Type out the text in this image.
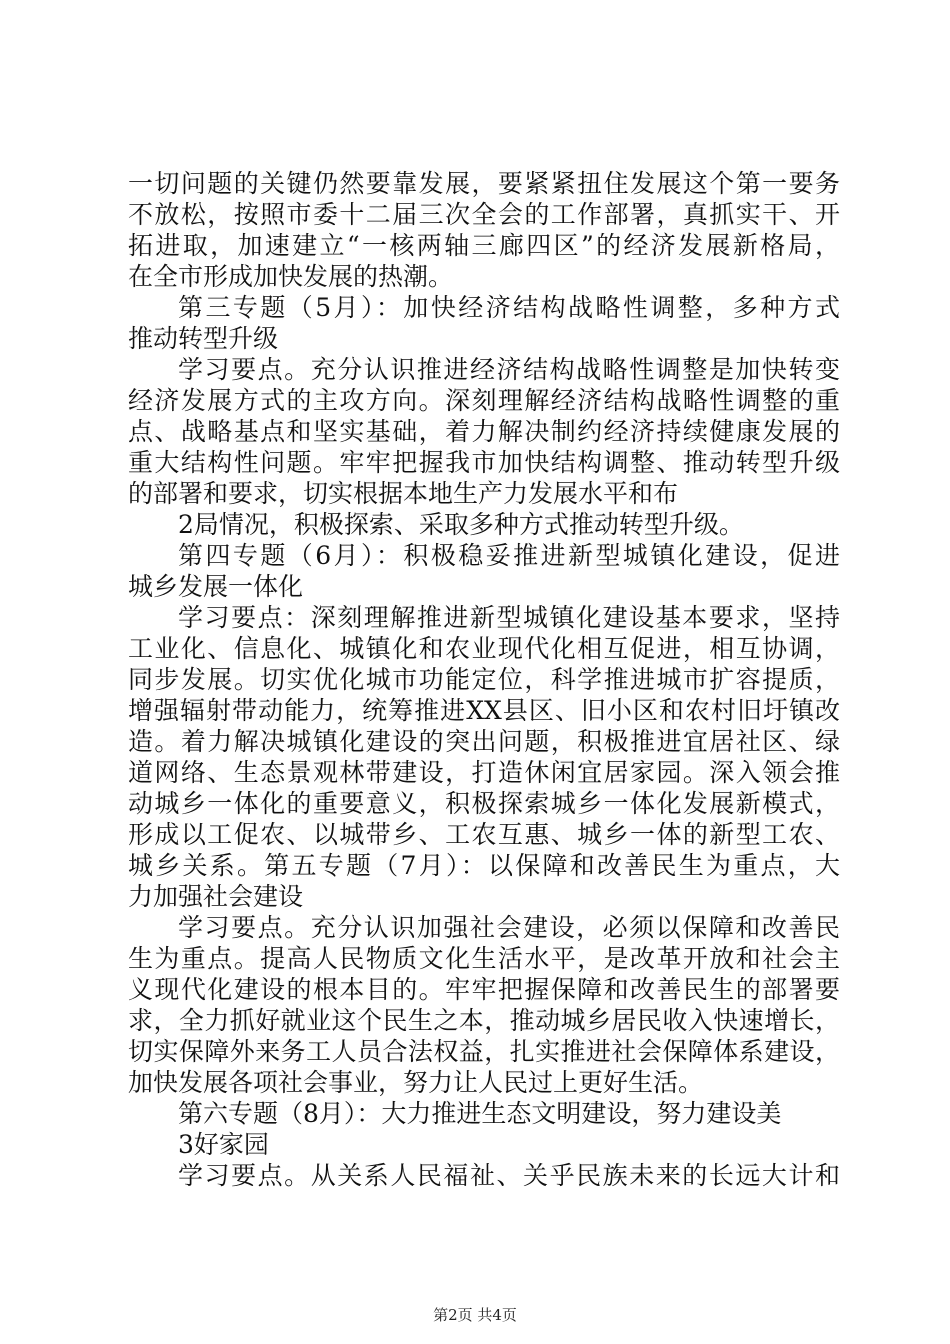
一切问题的关键仍然要靠发展，要紧紧扭住发展这个第一要务
不放松，按照市委十二届三次全会的工作部署，真抓实干、开
拓进取，加速建立“一核两轴三廊四区”的经济发展新格局，
在全市形成加快发展的热潮。
第三专题（5月）：加快经济结构战略性调整，多种方式
推动转型升级
学习要点。充分认识推进经济结构战略性调整是加快转变
经济发展方式的主攻方向。深刻理解经济结构战略性调整的重
点、战略基点和坚实基础，着力解决制约经济持续健康发展的
重大结构性问题。牢牢把握我市加快结构调整、推动转型升级
的部署和要求，切实根据本地生产力发展水平和布
2局情况，积极探索、采取多种方式推动转型升级。
第四专题（6月）：积极稳妥推进新型城镇化建设，促进
城乡发展一体化
学习要点：深刻理解推进新型城镇化建设基本要求，坚持
工业化、信息化、城镇化和农业现代化相互促进，相互协调，
同步发展。切实优化城市功能定位，科学推进城市扩容提质，
增强辐射带动能力，统筹推进XX县区、旧小区和农村旧圩镇改
造。着力解决城镇化建设的突出问题，积极推进宜居社区、绿
道网络、生态景观林带建设，打造休闲宜居家园。深入领会推
动城乡一体化的重要意义，积极探索城乡一体化发展新模式，
形成以工促农、以城带乡、工农互惠、城乡一体的新型工农、
城乡关系。第五专题（7月）：以保障和改善民生为重点，大
力加强社会建设
学习要点。充分认识加强社会建设，必须以保障和改善民
生为重点。提高人民物质文化生活水平，是改革开放和社会主
义现代化建设的根本目的。牢牢把握保障和改善民生的部署要
求，全力抓好就业这个民生之本，推动城乡居民收入快速增长，
切实保障外来务工人员合法权益，扎实推进社会保障体系建设，
加快发展各项社会事业，努力让人民过上更好生活。
第六专题（8月）：大力推进生态文明建设，努力建设美
3好家园
学习要点。从关系人民福祉、关乎民族未来的长远大计和
第2页 共4页
